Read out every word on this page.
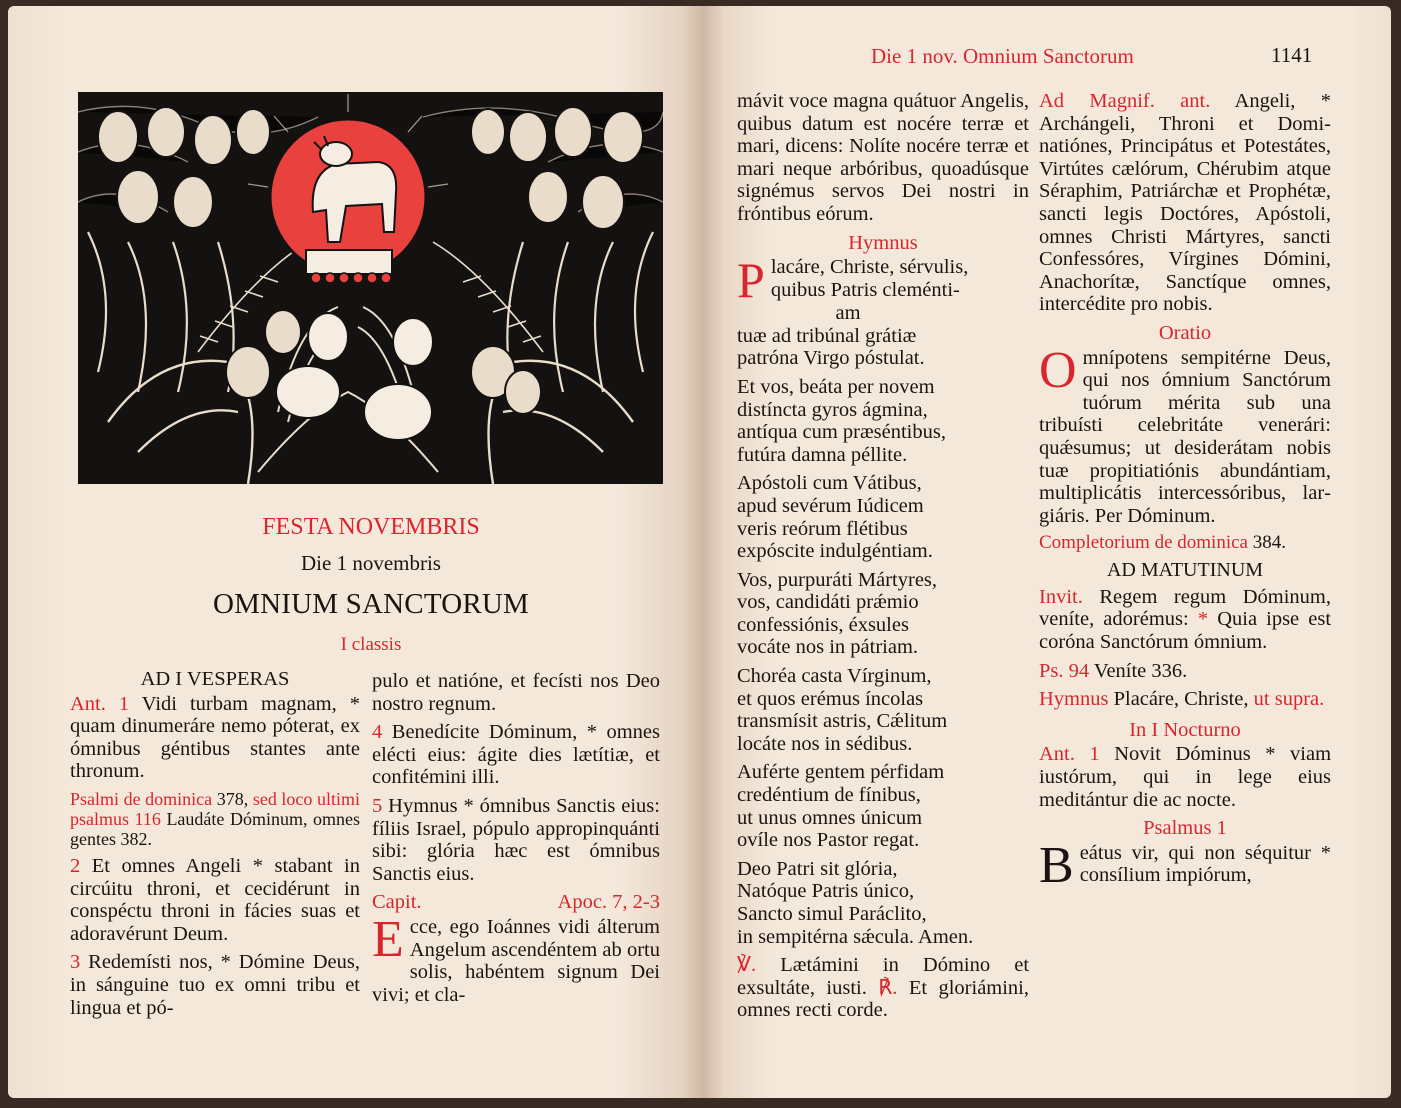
FESTA NOVEMBRIS
Die 1 novembris
OMNIUM SANCTORUM
I classis
AD I VESPERAS
Ant. 1 Vidi turbam magnam, * quam dinumeráre nemo póterat, ex ómnibus géntibus stantes ante thronum.
Psalmi de dominica 378, sed loco ultimi psalmus 116 Laudáte Dóminum, omnes gentes 382.
2 Et omnes Angeli * stabant in circúitu throni, et cecidérunt in conspéctu throni in fácies suas et adoravérunt Deum.
3 Redemísti nos, * Dómine Deus, in sánguine tuo ex omni tribu et lingua et pó-
pulo et natióne, et fecísti nos Deo nostro regnum.
4 Benedícite Dóminum, * omnes elécti eius: ágite dies lætítiæ, et confitémini illi.
5 Hymnus * ómnibus Sanctis eius: fíliis Israel, pópulo appropinquánti sibi: glória hæc est ómnibus Sanctis eius.
Capit.	Apoc. 7, 2-3
E cce, ego Ioánnes vidi álterum Angelum ascendéntem ab ortu solis, habéntem signum Dei vivi; et cla-
Die 1 nov. Omnium Sanctorum	1141
mávit voce magna quátuor Angelis, quibus datum est nocére terræ et mari, dicens: Nolíte nocére terræ et mari neque arbóribus, quoadúsque signémus servos Dei nostri in fróntibus eórum.
Hymnus
P lacáre, Christe, sérvulis,
quibus Patris cleménti-
am
tuæ ad tribúnal grátiæ
patróna Virgo póstulat.
Et vos, beáta per novem
distíncta gyros ágmina,
antíqua cum præséntibus,
futúra damna péllite.
Apóstoli cum Vátibus,
apud sevérum Iúdicem
veris reórum flétibus
expóscite indulgéntiam.
Vos, purpuráti Mártyres,
vos, candidáti prǽmio
confessiónis, éxsules
vocáte nos in pátriam.
Choréa casta Vírginum,
et quos erémus íncolas
transmísit astris, Cǽlitum
locáte nos in sédibus.
Auférte gentem pérfidam
credéntium de fínibus,
ut unus omnes únicum
ovíle nos Pastor regat.
Deo Patri sit glória,
Natóque Patris único,
Sancto simul Paráclito,
in sempitérna sǽcula. Amen.
℣. Lætámini in Dómino et exsultáte, iusti. ℟. Et gloriámini, omnes recti corde.
Ad Magnif. ant. Angeli, * Archángeli, Throni et Dominatiónes, Principátus et Potestátes, Virtútes cælórum, Chérubim atque Séraphim, Patriárchæ et Prophétæ, sancti legis Doctóres, Apóstoli, omnes Christi Mártyres, sancti Confessóres, Vírgines Dómini, Anachorítæ, Sanctíque omnes, intercédite pro nobis.
Oratio
O mnípotens sempitérne Deus, qui nos ómnium Sanctórum tuórum mérita sub una tribuísti celebritáte venerári: quǽsumus; ut desiderátam nobis tuæ propitiatiónis abundántiam, multiplicátis intercessóribus, largiáris. Per Dóminum.
Completorium de dominica 384.
AD MATUTINUM
Invit. Regem regum Dóminum, veníte, adorémus: * Quia ipse est coróna Sanctórum ómnium.
Ps. 94 Veníte 336.
Hymnus Placáre, Christe, ut supra.
In I Nocturno
Ant. 1 Novit Dóminus * viam iustórum, qui in lege eius meditántur die ac nocte.
Psalmus 1
B eátus vir, qui non séquitur * consílium impiórum,
